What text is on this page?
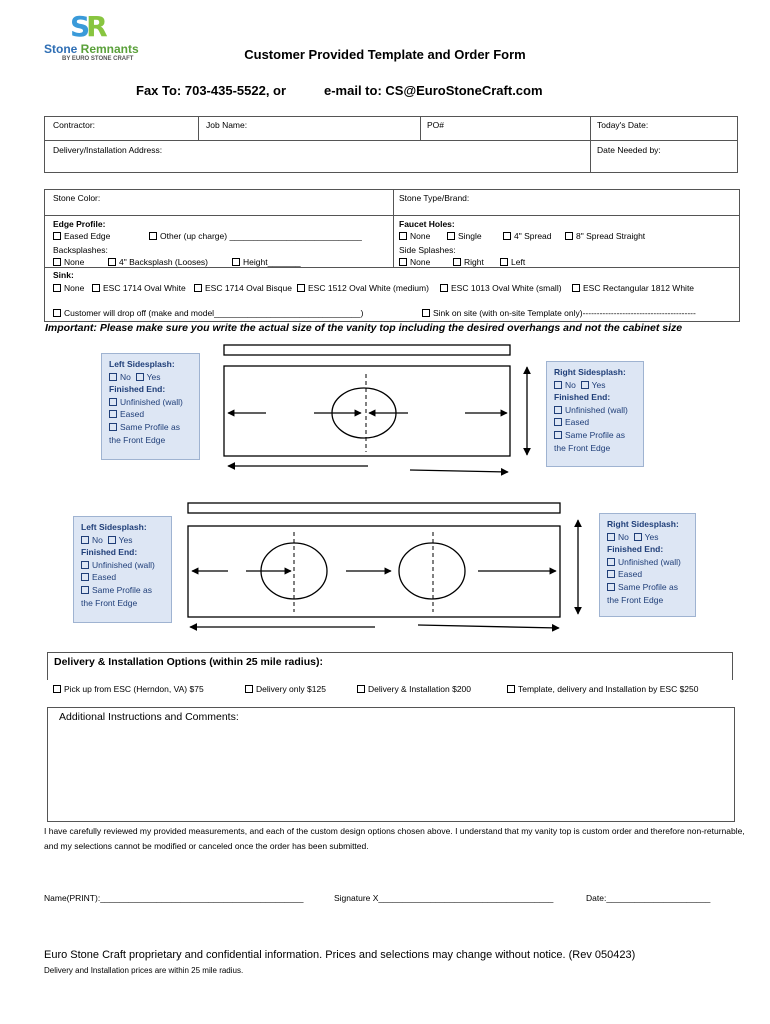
SR
Stone Remnants
BY EURO STONE CRAFT	Customer Provided Template and Order Form
Fax To: 703-435-5522, or	e-mail to: CS@EuroStoneCraft.com
Contractor:	Job Name:	PO#	Today's Date:
Delivery/Installation Address:	Date Needed by:
Stone Color:	Stone Type/Brand:
Edge Profile:
Eased Edge	Other (up charge) ____________________________
Backsplashes:
None	4" Backsplash (Looses)	Height_______
Faucet Holes:
None	Single	4" Spread	8" Spread Straight
Side Splashes:
None	Right	Left
Sink:
None	ESC 1714 Oval White	ESC 1714 Oval Bisque	ESC 1512 Oval White (medium)	ESC 1013 Oval White (small)	ESC Rectangular 1812 White
Customer will drop off (make and model_______________________________)	Sink on site (with on-site Template only)----------------------------------------
Important: Please make sure you write the actual size of the vanity top including the desired overhangs and not the cabinet size
Left Sidesplash:
No Yes
Finished End:
Unfinished (wall)
Eased
Same Profile as
the Front Edge
Right Sidesplash:
No Yes
Finished End:
Unfinished (wall)
Eased
Same Profile as
the Front Edge
Left Sidesplash:
No Yes
Finished End:
Unfinished (wall)
Eased
Same Profile as
the Front Edge
Right Sidesplash:
No Yes
Finished End:
Unfinished (wall)
Eased
Same Profile as
the Front Edge
Delivery & Installation Options (within 25 mile radius):
Pick up from ESC (Herndon, VA) $75	Delivery only $125	Delivery & Installation $200	Template, delivery and Installation by ESC $250
Additional Instructions and Comments:
I have carefully reviewed my provided measurements, and each of the custom design options chosen above. I understand that my vanity top is custom order and therefore non-returnable, and my selections cannot be modified or canceled once the order has been submitted.
Name(PRINT):___________________________________________	Signature X_____________________________________	Date:______________________
Euro Stone Craft proprietary and confidential information. Prices and selections may change without notice. (Rev 050423)
Delivery and Installation prices are within 25 mile radius.
